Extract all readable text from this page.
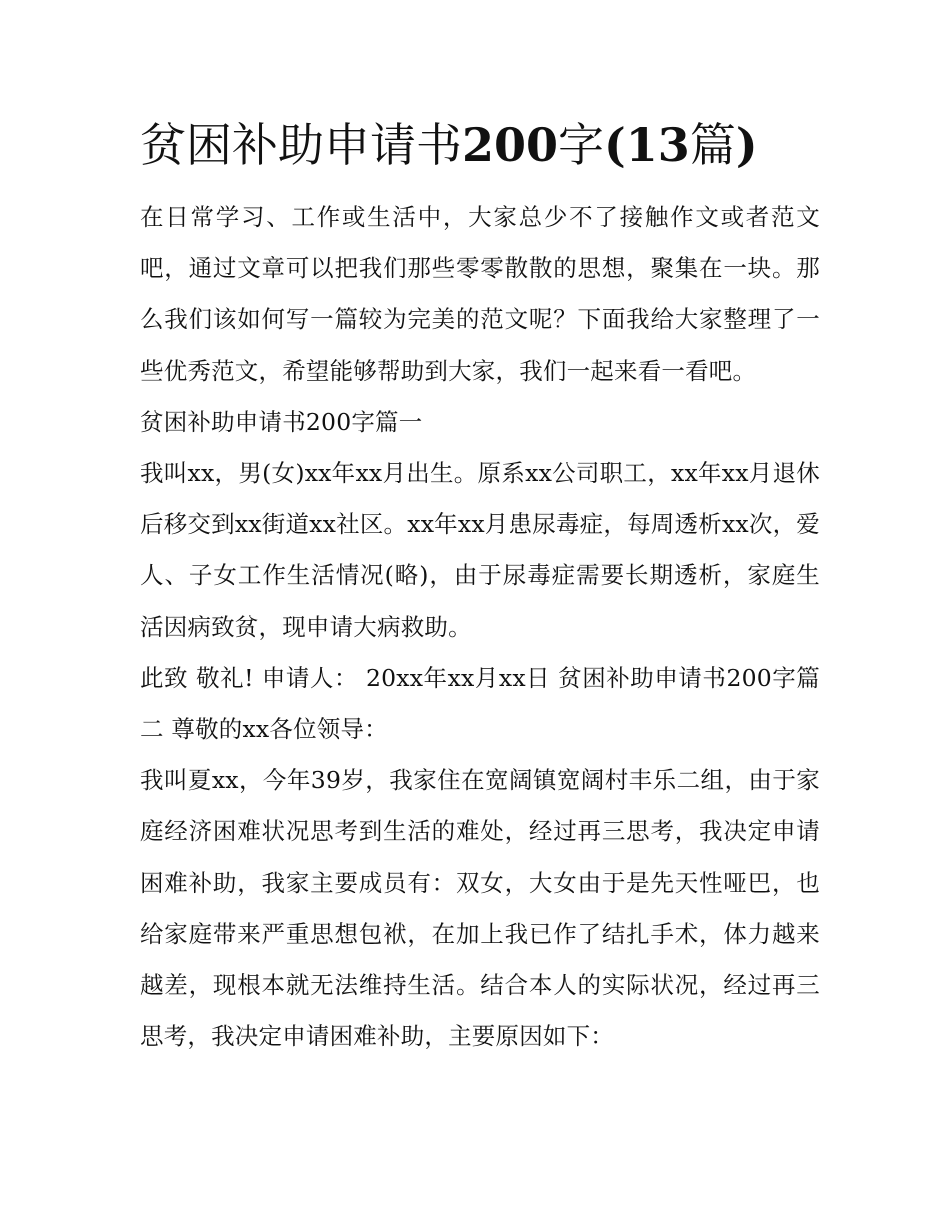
贫困补助申请书200字(13篇)

在日常学习、工作或生活中，大家总少不了接触作文或者范文吧，通过文章可以把我们那些零零散散的思想，聚集在一块。那么我们该如何写一篇较为完美的范文呢？下面我给大家整理了一些优秀范文，希望能够帮助到大家，我们一起来看一看吧。

贫困补助申请书200字篇一

我叫xx，男(女)xx年xx月出生。原系xx公司职工，xx年xx月退休后移交到xx街道xx社区。xx年xx月患尿毒症，每周透析xx次，爱人、子女工作生活情况(略)，由于尿毒症需要长期透析，家庭生活因病致贫，现申请大病救助。

此致 敬礼! 申请人： 20xx年xx月xx日 贫困补助申请书200字篇二 尊敬的xx各位领导：

我叫夏xx，今年39岁，我家住在宽阔镇宽阔村丰乐二组，由于家庭经济困难状况思考到生活的难处，经过再三思考，我决定申请困难补助，我家主要成员有：双女，大女由于是先天性哑巴，也给家庭带来严重思想包袱，在加上我已作了结扎手术，体力越来越差，现根本就无法维持生活。结合本人的实际状况，经过再三思考，我决定申请困难补助，主要原因如下：
